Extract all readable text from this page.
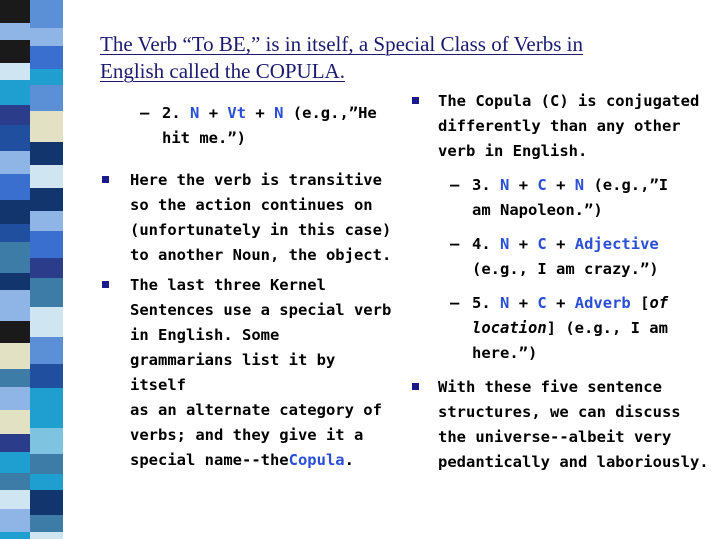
The Verb “To BE,” is in itself, a Special Class of Verbs in
English called the COPULA.

– 2. N + Vt + N (e.g.,”He
hit me.”)

Here the verb is transitive
so the action continues on
(unfortunately in this case)
to another Noun, the object.

The last three Kernel
Sentences use a special verb
in English. Some
grammarians list it by itself
as an alternate category of
verbs; and they give it a
special name--theCopula.

The Copula (C) is conjugated
differently than any other
verb in English.

– 3. N + C + N (e.g.,”I
am Napoleon.”)

– 4. N + C + Adjective
(e.g., I am crazy.”)

– 5. N + C + Adverb [of
location] (e.g., I am
here.”)

With these five sentence
structures, we can discuss
the universe--albeit very
pedantically and laboriously.
